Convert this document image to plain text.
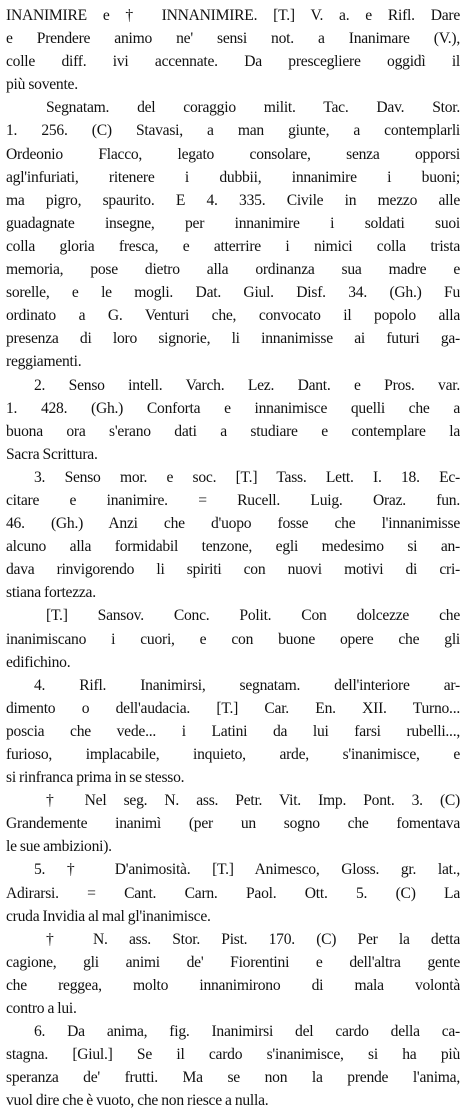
INANIMIRE e † INNANIMIRE. [T.] V. a. e Rifl. Dare
e Prendere animo ne' sensi not. a Inanimare (V.),
colle diff. ivi accennate. Da prescegliere oggidì il
più sovente.
Segnatam. del coraggio milit. Tac. Dav. Stor.
1. 256. (C) Stavasi, a man giunte, a contemplarli
Ordeonio Flacco, legato consolare, senza opporsi
agl'infuriati, ritenere i dubbii, innanimire i buoni;
ma pigro, spaurito. E 4. 335. Civile in mezzo alle
guadagnate insegne, per innanimire i soldati suoi
colla gloria fresca, e atterrire i nimici colla trista
memoria, pose dietro alla ordinanza sua madre e
sorelle, e le mogli. Dat. Giul. Disf. 34. (Gh.) Fu
ordinato a G. Venturi che, convocato il popolo alla
presenza di loro signorie, li innanimisse ai futuri ga-
reggiamenti.
2. Senso intell. Varch. Lez. Dant. e Pros. var.
1. 428. (Gh.) Conforta e innanimisce quelli che a
buona ora s'erano dati a studiare e contemplare la
Sacra Scrittura.
3. Senso mor. e soc. [T.] Tass. Lett. I. 18. Ec-
citare e inanimire. = Rucell. Luig. Oraz. fun.
46. (Gh.) Anzi che d'uopo fosse che l'innanimisse
alcuno alla formidabil tenzone, egli medesimo si an-
dava rinvigorendo li spiriti con nuovi motivi di cri-
stiana fortezza.
[T.] Sansov. Conc. Polit. Con dolcezze che
inanimiscano i cuori, e con buone opere che gli
edifichino.
4. Rifl. Inanimirsi, segnatam. dell'interiore ar-
dimento o dell'audacia. [T.] Car. En. XII. Turno...
poscia che vede... i Latini da lui farsi rubelli...,
furioso, implacabile, inquieto, arde, s'inanimisce, e
si rinfranca prima in se stesso.
† Nel seg. N. ass. Petr. Vit. Imp. Pont. 3. (C)
Grandemente inanimì (per un sogno che fomentava
le sue ambizioni).
5. † D'animosità. [T.] Animesco, Gloss. gr. lat.,
Adirarsi. = Cant. Carn. Paol. Ott. 5. (C) La
cruda Invidia al mal gl'inanimisce.
† N. ass. Stor. Pist. 170. (C) Per la detta
cagione, gli animi de' Fiorentini e dell'altra gente
che reggea, molto innanimirono di mala volontà
contro a lui.
6. Da anima, fig. Inanimirsi del cardo della ca-
stagna. [Giul.] Se il cardo s'inanimisce, si ha più
speranza de' frutti. Ma se non la prende l'anima,
vuol dire che è vuoto, che non riesce a nulla.
